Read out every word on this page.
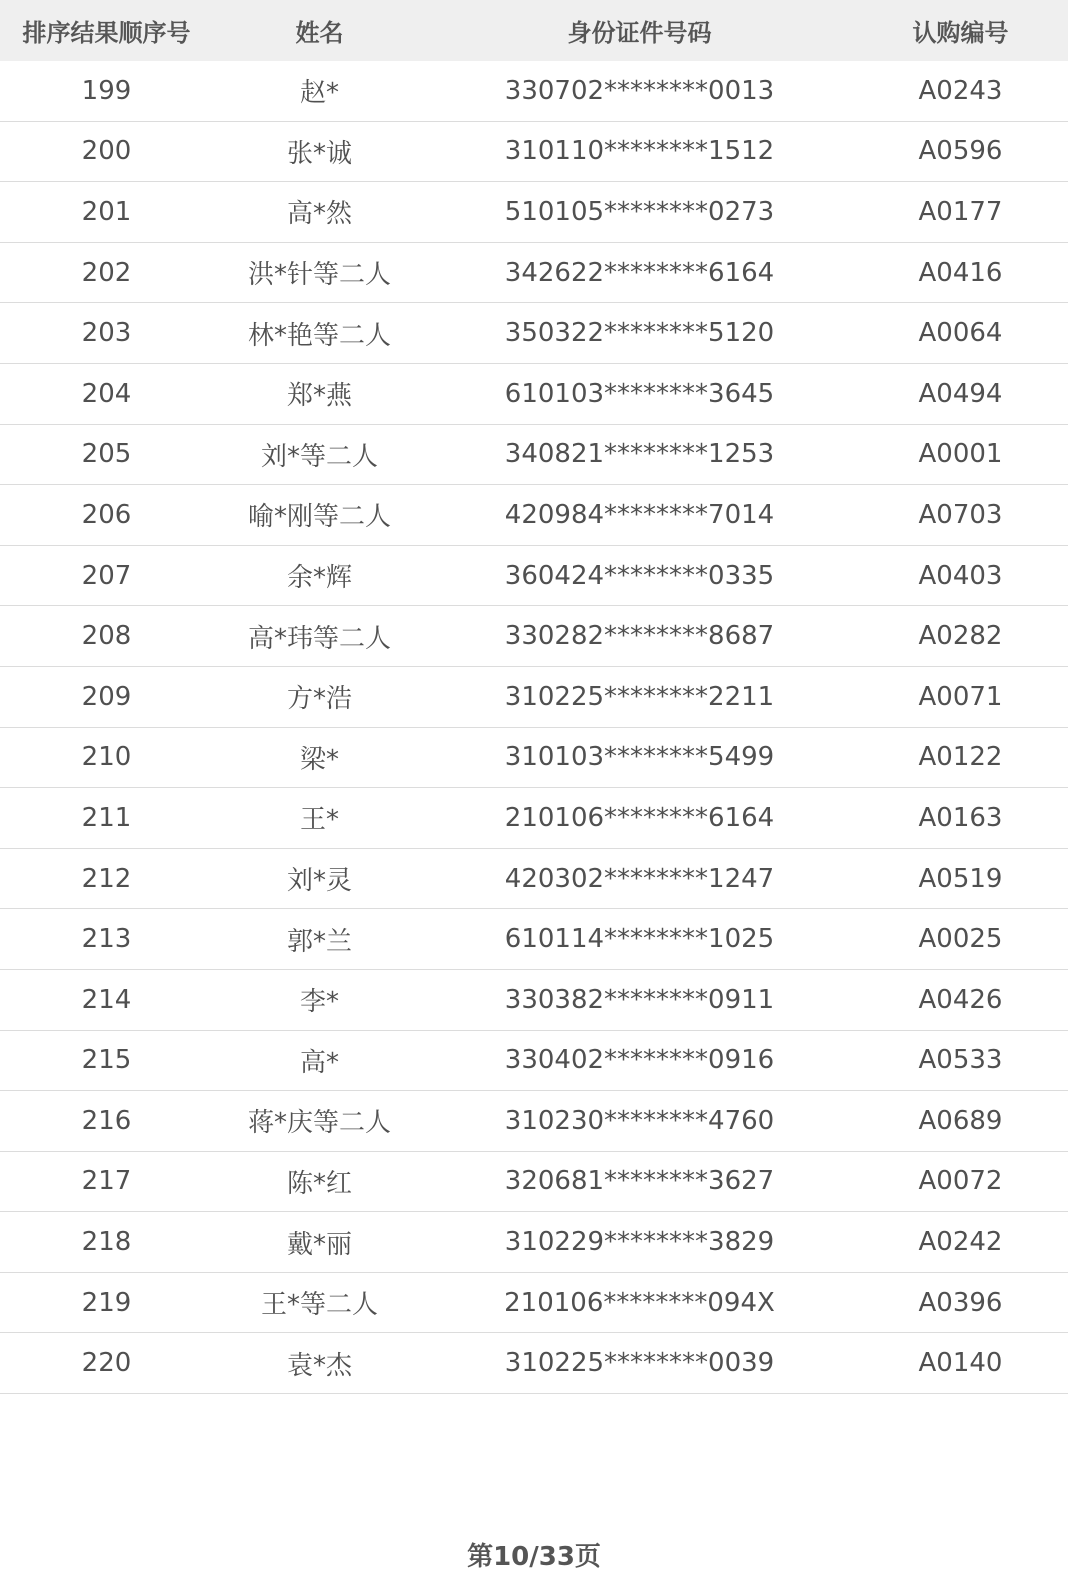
排序结果顺序号	姓名	身份证件号码	认购编号
199	赵*	330702********0013	A0243
200	张*诚	310110********1512	A0596
201	高*然	510105********0273	A0177
202	洪*针等二人	342622********6164	A0416
203	林*艳等二人	350322********5120	A0064
204	郑*燕	610103********3645	A0494
205	刘*等二人	340821********1253	A0001
206	喻*刚等二人	420984********7014	A0703
207	余*辉	360424********0335	A0403
208	高*玮等二人	330282********8687	A0282
209	方*浩	310225********2211	A0071
210	梁*	310103********5499	A0122
211	王*	210106********6164	A0163
212	刘*灵	420302********1247	A0519
213	郭*兰	610114********1025	A0025
214	李*	330382********0911	A0426
215	高*	330402********0916	A0533
216	蒋*庆等二人	310230********4760	A0689
217	陈*红	320681********3627	A0072
218	戴*丽	310229********3829	A0242
219	王*等二人	210106********094X	A0396
220	袁*杰	310225********0039	A0140
第10/33页
